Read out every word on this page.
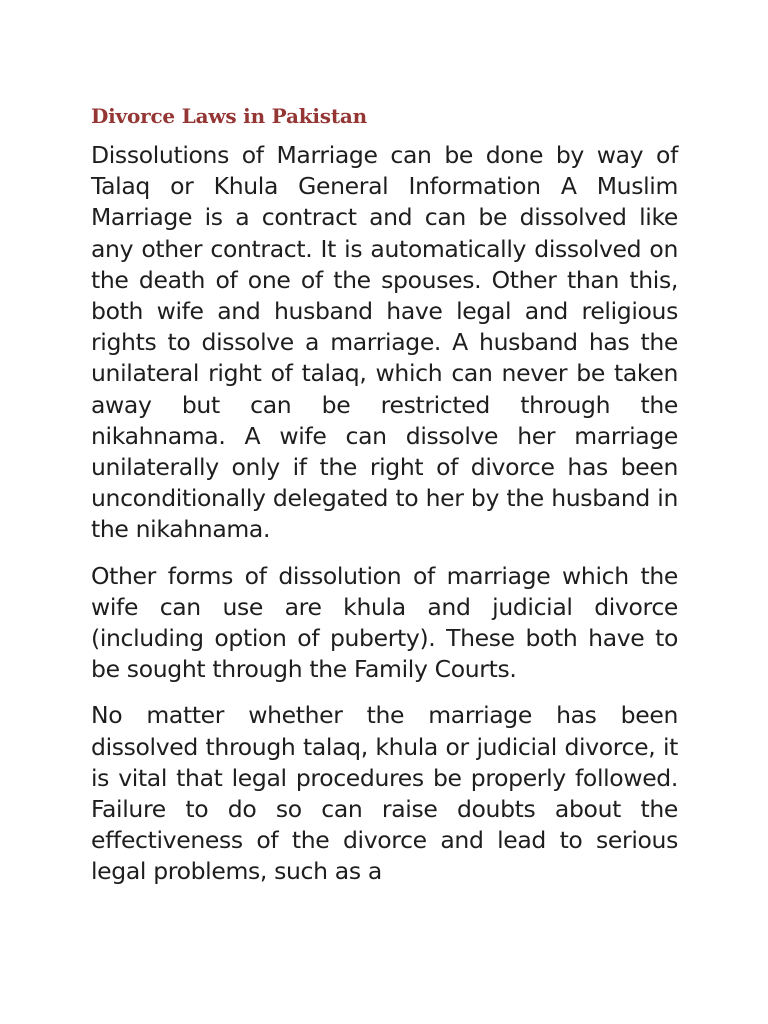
Divorce Laws in Pakistan

Dissolutions of Marriage can be done by way of Talaq or Khula General Information A Muslim Marriage is a contract and can be dissolved like any other contract. It is automatically dissolved on the death of one of the spouses. Other than this, both wife and husband have legal and religious rights to dissolve a marriage. A husband has the unilateral right of talaq, which can never be taken away but can be restricted through the nikahnama. A wife can dissolve her marriage unilaterally only if the right of divorce has been unconditionally delegated to her by the husband in the nikahnama.

Other forms of dissolution of marriage which the wife can use are khula and judicial divorce (including option of puberty). These both have to be sought through the Family Courts.

No matter whether the marriage has been dissolved through talaq, khula or judicial divorce, it is vital that legal procedures be properly followed. Failure to do so can raise doubts about the effectiveness of the divorce and lead to serious legal problems, such as a
